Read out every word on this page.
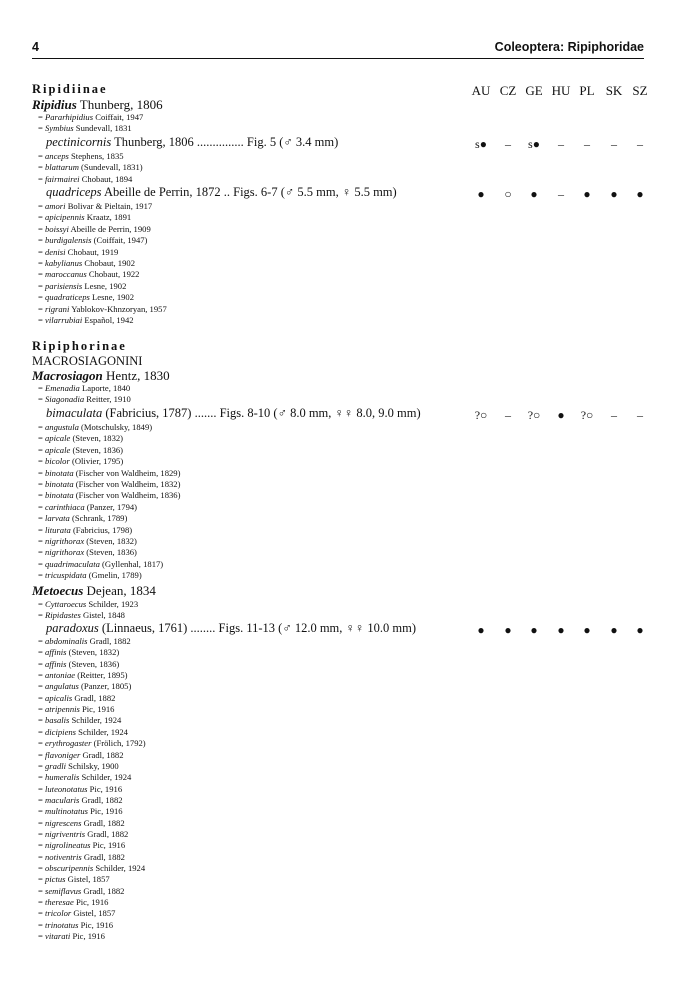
4	Coleoptera: Ripiphoridae
AU CZ GE HU PL SK SZ
Ripidiinae
Ripidius Thunberg, 1806
= Pararhipidius Coiffait, 1947
= Symbius Sundevall, 1831
pectinicornis Thunberg, 1806 ............... Fig. 5 (♂ 3.4 mm)	s●	–	s●	–	–	–	–
= anceps Stephens, 1835
= blattarum (Sundevall, 1831)
= fairmairei Chobaut, 1894
quadriceps Abeille de Perrin, 1872 .. Figs. 6-7 (♂ 5.5 mm, ♀ 5.5 mm)	●	○	●	–	●	●	●
= amori Bolivar & Pieltain, 1917
= apicipennis Kraatz, 1891
= boissyi Abeille de Perrin, 1909
= burdigalensis (Coiffait, 1947)
= denisi Chobaut, 1919
= kabylianus Chobaut, 1902
= maroccanus Chobaut, 1922
= parisiensis Lesne, 1902
= quadraticeps Lesne, 1902
= rigrani Yablokov-Khnzoryan, 1957
= vilarrubiai Español, 1942
Ripiphorinae
MACROSIAGONINI
Macrosiagon Hentz, 1830
= Emenadia Laporte, 1840
= Siagonadia Reitter, 1910
bimaculata (Fabricius, 1787) ....... Figs. 8-10 (♂ 8.0 mm, ♀♀ 8.0, 9.0 mm)	?○	–	?○	●	?○	–	–
= angustula (Motschulsky, 1849)
= apicale (Steven, 1832)
= apicale (Steven, 1836)
= bicolor (Olivier, 1795)
= binotata (Fischer von Waldheim, 1829)
= binotata (Fischer von Waldheim, 1832)
= binotata (Fischer von Waldheim, 1836)
= carinthiaca (Panzer, 1794)
= larvata (Schrank, 1789)
= liturata (Fabricius, 1798)
= nigrithorax (Steven, 1832)
= nigrithorax (Steven, 1836)
= quadrimaculata (Gyllenhal, 1817)
= tricuspidata (Gmelin, 1789)
Metoecus Dejean, 1834
= Cyttaroecus Schilder, 1923
= Ripidastes Gistel, 1848
paradoxus (Linnaeus, 1761) ........ Figs. 11-13 (♂ 12.0 mm, ♀♀ 10.0 mm)	●	●	●	●	●	●	●
= abdominalis Gradl, 1882
= affinis (Steven, 1832)
= affinis (Steven, 1836)
= antoniae (Reitter, 1895)
= angulatus (Panzer, 1805)
= apicalis Gradl, 1882
= atripennis Pic, 1916
= basalis Schilder, 1924
= dicipiens Schilder, 1924
= erythrogaster (Frölich, 1792)
= flavoniger Gradl, 1882
= gradli Schilsky, 1900
= humeralis Schilder, 1924
= luteonotatus Pic, 1916
= macularis Gradl, 1882
= multinotatus Pic, 1916
= nigrescens Gradl, 1882
= nigriventris Gradl, 1882
= nigrolineatus Pic, 1916
= notiventris Gradl, 1882
= obscuripennis Schilder, 1924
= pictus Gistel, 1857
= semiflavus Gradl, 1882
= theresae Pic, 1916
= tricolor Gistel, 1857
= trinotatus Pic, 1916
= vitarati Pic, 1916
